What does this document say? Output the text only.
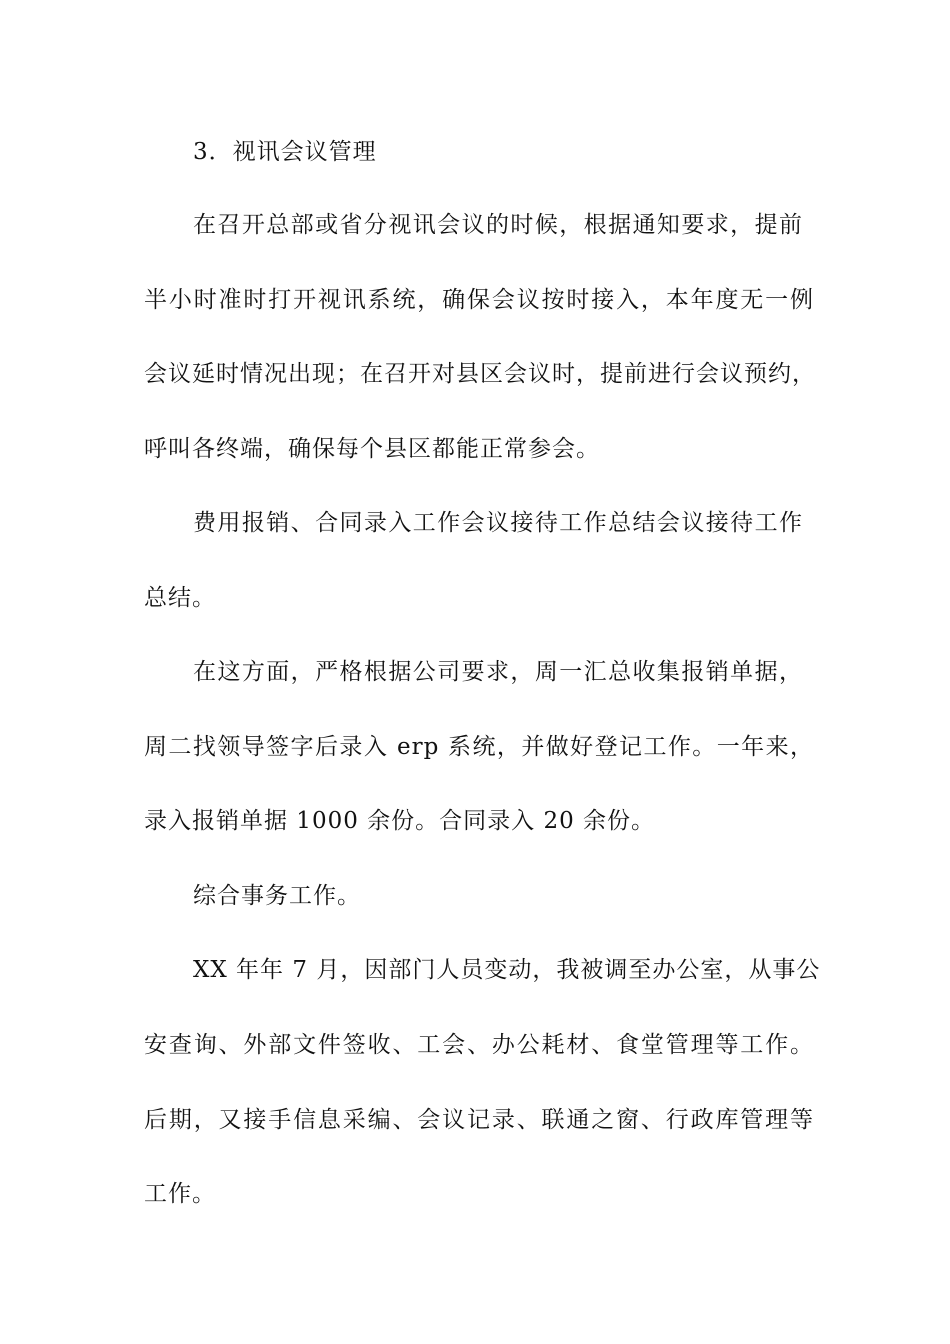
3．视讯会议管理
在召开总部或省分视讯会议的时候，根据通知要求，提前
半小时准时打开视讯系统，确保会议按时接入，本年度无一例
会议延时情况出现；在召开对县区会议时，提前进行会议预约，
呼叫各终端，确保每个县区都能正常参会。
费用报销、合同录入工作会议接待工作总结会议接待工作
总结。
在这方面，严格根据公司要求，周一汇总收集报销单据，
周二找领导签字后录入 erp 系统，并做好登记工作。一年来，
录入报销单据 1000 余份。合同录入 20 余份。
综合事务工作。
XX 年年 7 月，因部门人员变动，我被调至办公室，从事公
安查询、外部文件签收、工会、办公耗材、食堂管理等工作。
后期，又接手信息采编、会议记录、联通之窗、行政库管理等
工作。
